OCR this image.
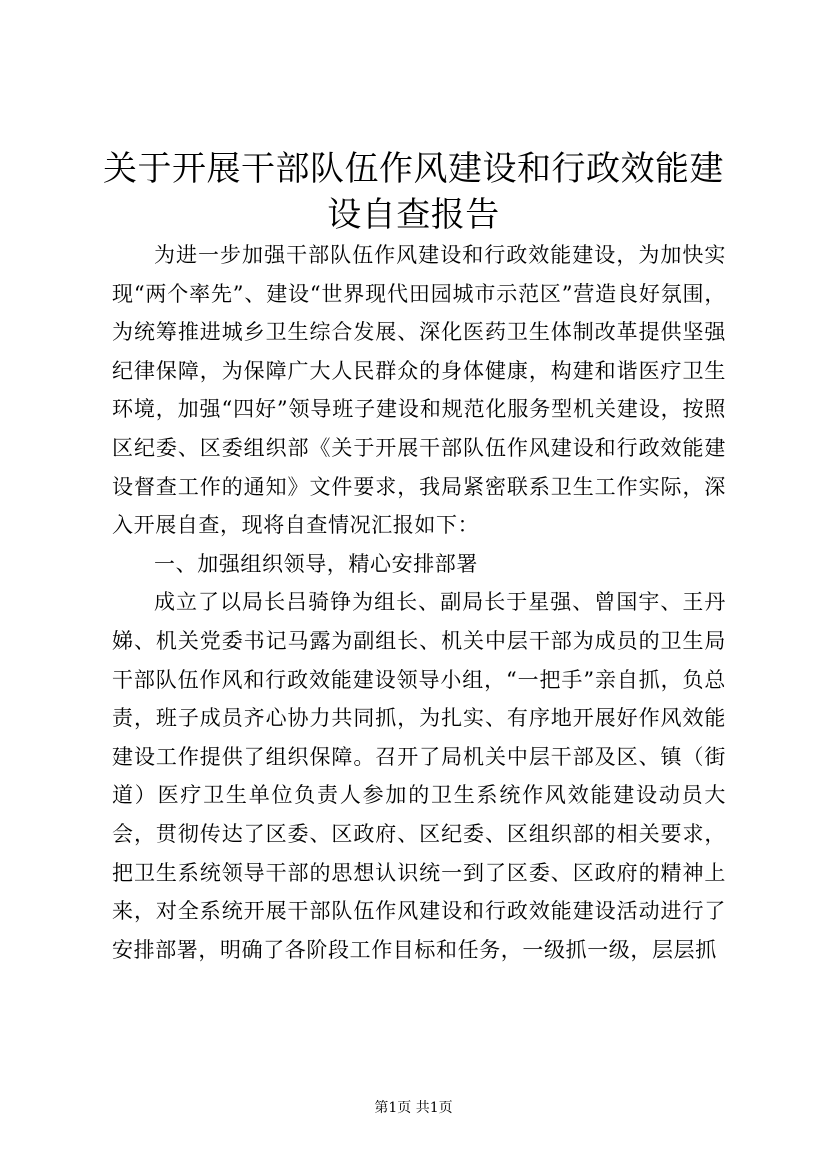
关于开展干部队伍作风建设和行政效能建设自查报告

为进一步加强干部队伍作风建设和行政效能建设，为加快实现“两个率先”、建设“世界现代田园城市示范区”营造良好氛围，为统筹推进城乡卫生综合发展、深化医药卫生体制改革提供坚强纪律保障，为保障广大人民群众的身体健康，构建和谐医疗卫生环境，加强“四好”领导班子建设和规范化服务型机关建设，按照区纪委、区委组织部《关于开展干部队伍作风建设和行政效能建设督查工作的通知》文件要求，我局紧密联系卫生工作实际，深入开展自查，现将自查情况汇报如下：

一、加强组织领导，精心安排部署

成立了以局长吕骑铮为组长、副局长于星强、曾国宇、王丹娣、机关党委书记马露为副组长、机关中层干部为成员的卫生局干部队伍作风和行政效能建设领导小组，“一把手”亲自抓，负总责，班子成员齐心协力共同抓，为扎实、有序地开展好作风效能建设工作提供了组织保障。召开了局机关中层干部及区、镇（街道）医疗卫生单位负责人参加的卫生系统作风效能建设动员大会，贯彻传达了区委、区政府、区纪委、区组织部的相关要求，把卫生系统领导干部的思想认识统一到了区委、区政府的精神上来，对全系统开展干部队伍作风建设和行政效能建设活动进行了安排部署，明确了各阶段工作目标和任务，一级抓一级，层层抓

第1页 共1页
